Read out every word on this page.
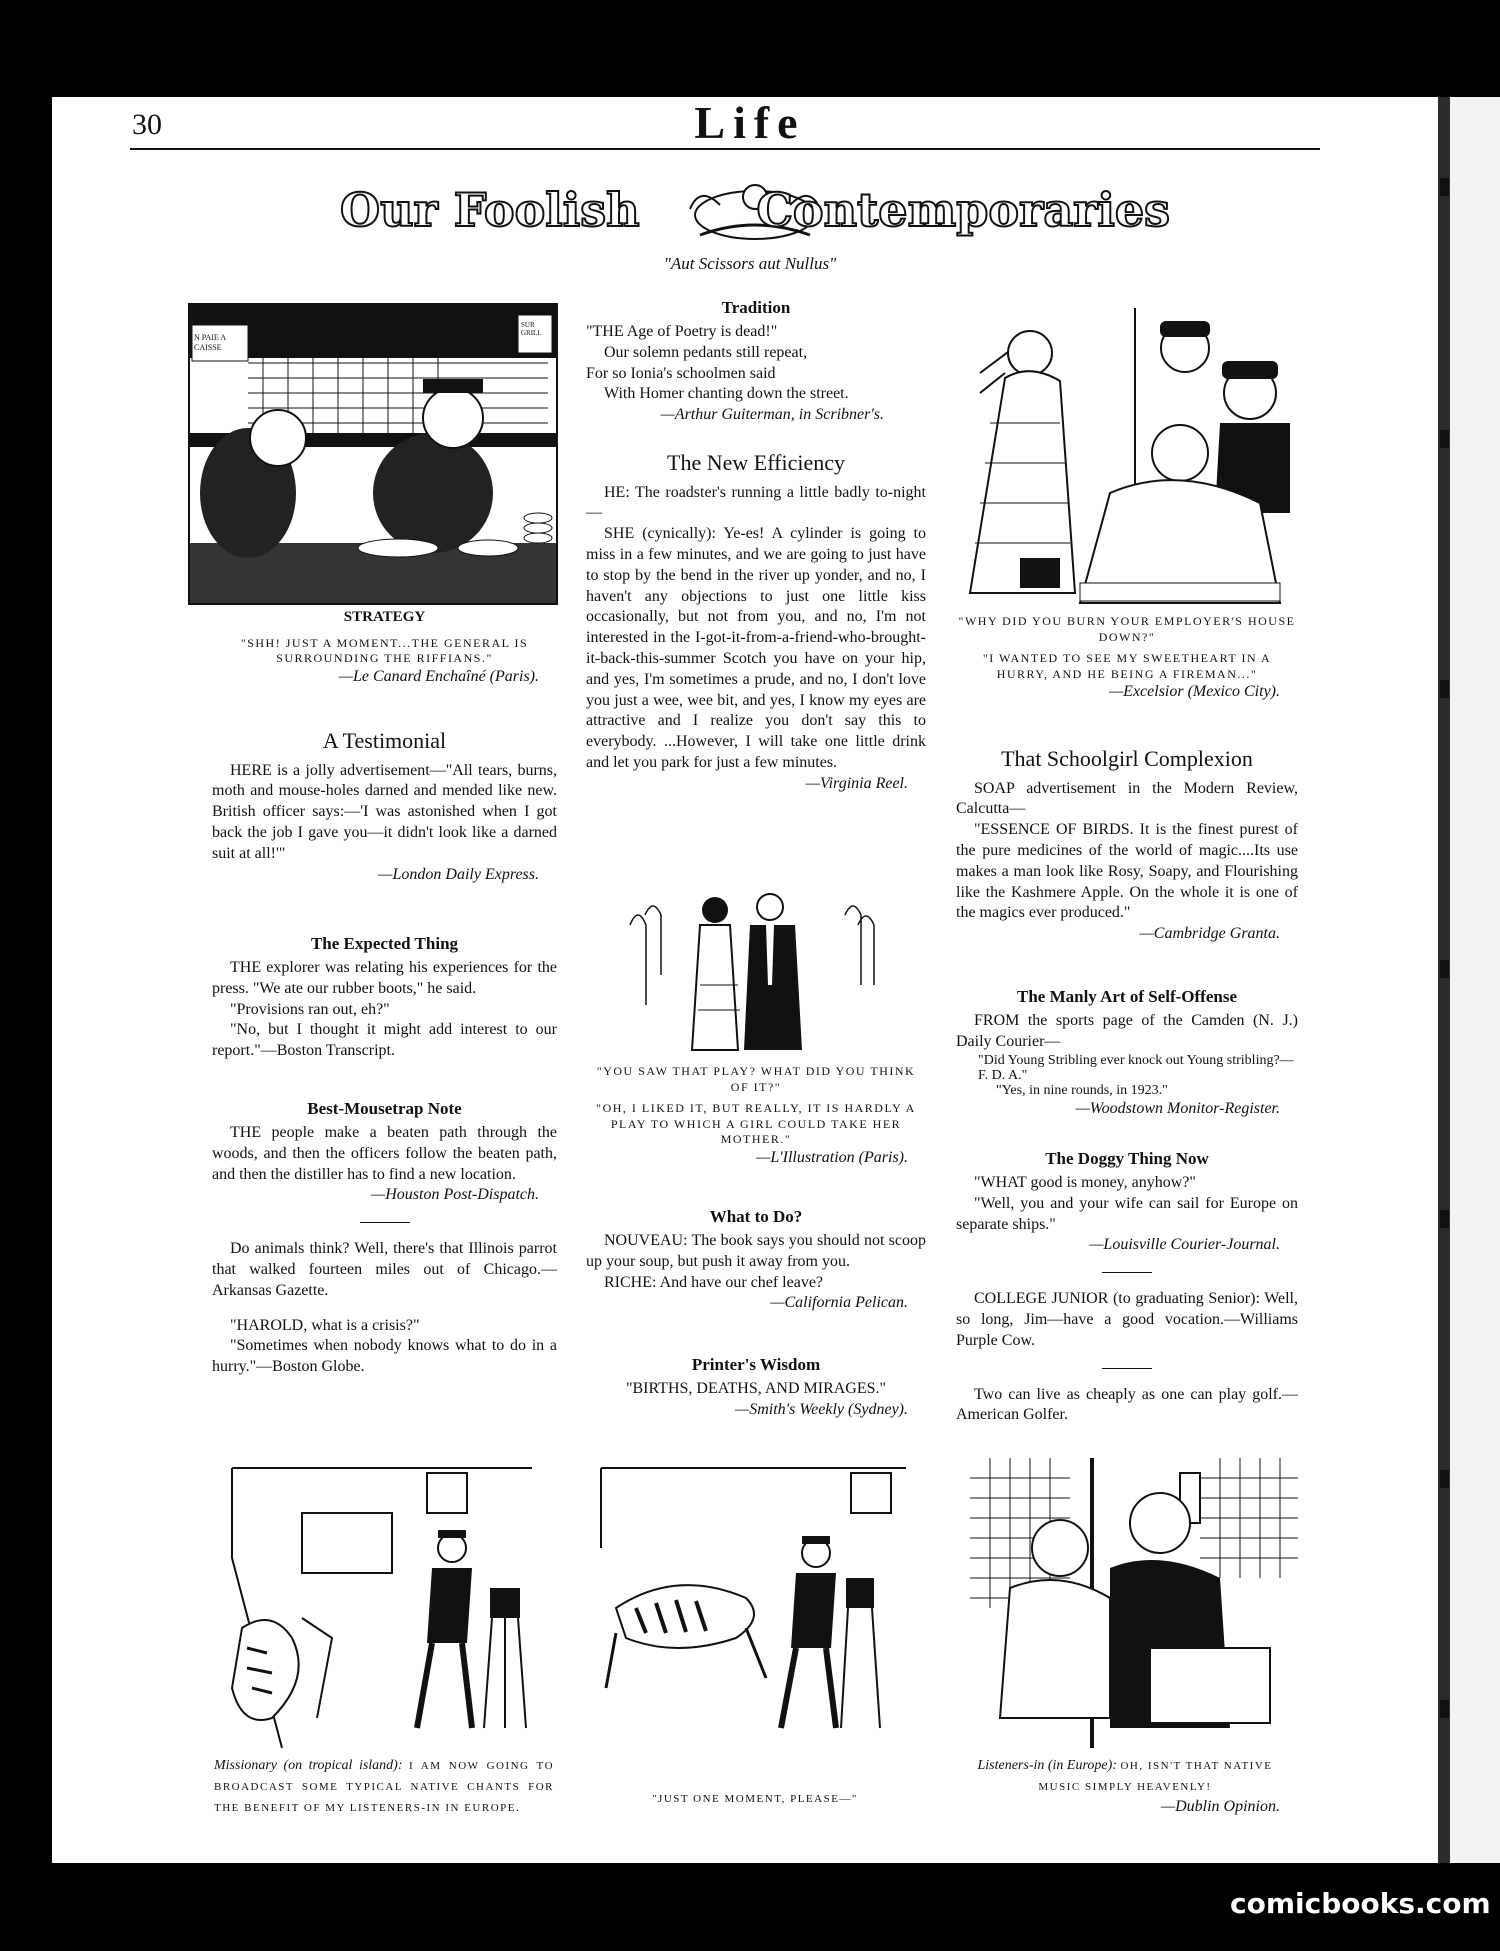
30	Life
Our Foolish	Contemporaries
"Aut Scissors aut Nullus"
N PAIE A CAISSE
SUR GRILL
STRATEGY
"SHH! JUST A MOMENT...THE GENERAL IS SURROUNDING THE RIFFIANS."
—Le Canard Enchaîné (Paris).
A Testimonial

HERE is a jolly advertisement—"All tears, burns, moth and mouse-holes darned and mended like new. British officer says:—'I was astonished when I got back the job I gave you—it didn't look like a darned suit at all!'"

—London Daily Express.
The Expected Thing

THE explorer was relating his experiences for the press. "We ate our rubber boots," he said.

"Provisions ran out, eh?"

"No, but I thought it might add interest to our report."—Boston Transcript.

Best-Mousetrap Note

THE people make a beaten path through the woods, and then the officers follow the beaten path, and then the distiller has to find a new location.

—Houston Post-Dispatch.

Do animals think? Well, there's that Illinois parrot that walked fourteen miles out of Chicago.—Arkansas Gazette.

"HAROLD, what is a crisis?"

"Sometimes when nobody knows what to do in a hurry."—Boston Globe.

Tradition
"THE Age of Poetry is dead!"
Our solemn pedants still repeat,
For so Ionia's schoolmen said
With Homer chanting down the street.
—Arthur Guiterman, in Scribner's.
The New Efficiency

HE: The roadster's running a little badly to-night—

SHE (cynically): Ye-es! A cylinder is going to miss in a few minutes, and we are going to just have to stop by the bend in the river up yonder, and no, I haven't any objections to just one little kiss occasionally, but not from you, and no, I'm not interested in the I-got-it-from-a-friend-who-brought-it-back-this-summer Scotch you have on your hip, and yes, I'm sometimes a prude, and no, I don't love you just a wee, wee bit, and yes, I know my eyes are attractive and I realize you don't say this to everybody. ...However, I will take one little drink and let you park for just a few minutes.

—Virginia Reel.
"YOU SAW THAT PLAY? WHAT DID YOU THINK OF IT?"
"OH, I LIKED IT, BUT REALLY, IT IS HARDLY A PLAY TO WHICH A GIRL COULD TAKE HER MOTHER."
—L'Illustration (Paris).
What to Do?

NOUVEAU: The book says you should not scoop up your soup, but push it away from you.

RICHE: And have our chef leave?

—California Pelican.
Printer's Wisdom
"BIRTHS, DEATHS, AND MIRAGES."
—Smith's Weekly (Sydney).
"WHY DID YOU BURN YOUR EMPLOYER'S HOUSE DOWN?"
"I WANTED TO SEE MY SWEETHEART IN A HURRY, AND HE BEING A FIREMAN..."
—Excelsior (Mexico City).
That Schoolgirl Complexion

SOAP advertisement in the Modern Review, Calcutta—

"ESSENCE OF BIRDS. It is the finest purest of the pure medicines of the world of magic....Its use makes a man look like Rosy, Soapy, and Flourishing like the Kashmere Apple. On the whole it is one of the magics ever produced."

—Cambridge Granta.
The Manly Art of Self-Offense

FROM the sports page of the Camden (N. J.) Daily Courier—

"Did Young Stribling ever knock out Young stribling?—F. D. A."
"Yes, in nine rounds, in 1923."
—Woodstown Monitor-Register.
The Doggy Thing Now

"WHAT good is money, anyhow?"

"Well, you and your wife can sail for Europe on separate ships."

—Louisville Courier-Journal.

COLLEGE JUNIOR (to graduating Senior): Well, so long, Jim—have a good vocation.—Williams Purple Cow.

Two can live as cheaply as one can play golf.—American Golfer.

Missionary (on tropical island): I AM NOW GOING TO BROADCAST SOME TYPICAL NATIVE CHANTS FOR THE BENEFIT OF MY LISTENERS-IN IN EUROPE.

"JUST ONE MOMENT, PLEASE—"
Listeners-in (in Europe): OH, ISN'T THAT NATIVE MUSIC SIMPLY HEAVENLY!
—Dublin Opinion.
comicbooks.com
